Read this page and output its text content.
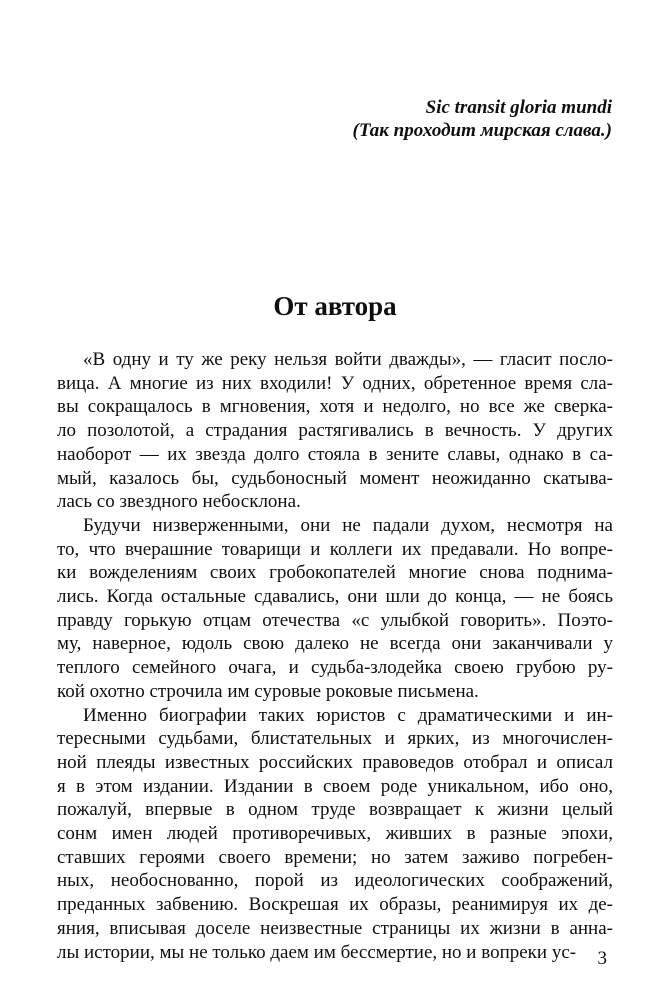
Sic transit gloria mundi
(Так проходит мирская слава.)
От автора
«В одну и ту же реку нельзя войти дважды», — гласит посло-
вица. А многие из них входили! У одних, обретенное время сла-
вы сокращалось в мгновения, хотя и недолго, но все же сверка-
ло позолотой, а страдания растягивались в вечность. У других
наоборот — их звезда долго стояла в зените славы, однако в са-
мый, казалось бы, судьбоносный момент неожиданно скатыва-
лась со звездного небосклона.
Будучи низверженными, они не падали духом, несмотря на
то, что вчерашние товарищи и коллеги их предавали. Но вопре-
ки вожделениям своих гробокопателей многие снова поднима-
лись. Когда остальные сдавались, они шли до конца, — не боясь
правду горькую отцам отечества «с улыбкой говорить». Поэто-
му, наверное, юдоль свою далеко не всегда они заканчивали у
теплого семейного очага, и судьба-злодейка своею грубою ру-
кой охотно строчила им суровые роковые письмена.
Именно биографии таких юристов с драматическими и ин-
тересными судьбами, блистательных и ярких, из многочислен-
ной плеяды известных российских правоведов отобрал и описал
я в этом издании. Издании в своем роде уникальном, ибо оно,
пожалуй, впервые в одном труде возвращает к жизни целый
сонм имен людей противоречивых, живших в разные эпохи,
ставших героями своего времени; но затем заживо погребен-
ных, необоснованно, порой из идеологических соображений,
преданных забвению. Воскрешая их образы, реанимируя их де-
яния, вписывая доселе неизвестные страницы их жизни в анна-
лы истории, мы не только даем им бессмертие, но и вопреки ус-	3
